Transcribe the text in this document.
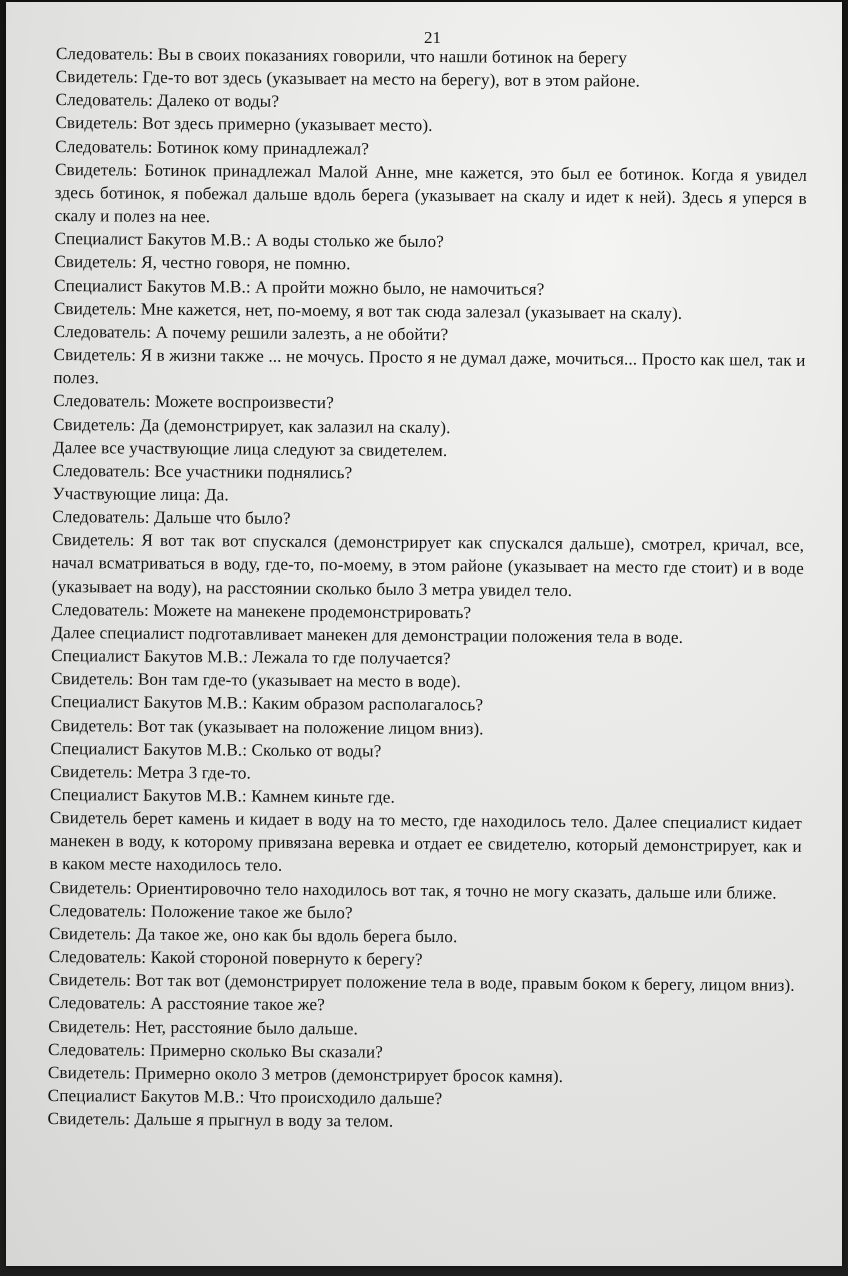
21

Следователь: Вы в своих показаниях говорили, что нашли ботинок на берегу

Свидетель: Где-то вот здесь (указывает на место на берегу), вот в этом районе.

Следователь: Далеко от воды?

Свидетель: Вот здесь примерно (указывает место).

Следователь: Ботинок кому принадлежал?

Свидетель: Ботинок принадлежал Малой Анне, мне кажется, это был ее ботинок. Когда я увидел здесь ботинок, я побежал дальше вдоль берега (указывает на скалу и идет к ней). Здесь я уперся в скалу и полез на нее.

Специалист Бакутов М.В.: А воды столько же было?

Свидетель: Я, честно говоря, не помню.

Специалист Бакутов М.В.: А пройти можно было, не намочиться?

Свидетель: Мне кажется, нет, по-моему, я вот так сюда залезал (указывает на скалу).

Следователь: А почему решили залезть, а не обойти?

Свидетель: Я в жизни также ... не мочусь. Просто я не думал даже, мочиться... Просто как шел, так и полез.

Следователь: Можете воспроизвести?

Свидетель: Да (демонстрирует, как залазил на скалу).

Далее все участвующие лица следуют за свидетелем.

Следователь: Все участники поднялись?

Участвующие лица: Да.

Следователь: Дальше что было?

Свидетель: Я вот так вот спускался (демонстрирует как спускался дальше), смотрел, кричал, все, начал всматриваться в воду, где-то, по-моему, в этом районе (указывает на место где стоит) и в воде (указывает на воду), на расстоянии сколько было 3 метра увидел тело.

Следователь: Можете на манекене продемонстрировать?

Далее специалист подготавливает манекен для демонстрации положения тела в воде.

Специалист Бакутов М.В.: Лежала то где получается?

Свидетель: Вон там где-то (указывает на место в воде).

Специалист Бакутов М.В.: Каким образом располагалось?

Свидетель: Вот так (указывает на положение лицом вниз).

Специалист Бакутов М.В.: Сколько от воды?

Свидетель: Метра 3 где-то.

Специалист Бакутов М.В.: Камнем киньте где.

Свидетель берет камень и кидает в воду на то место, где находилось тело. Далее специалист кидает манекен в воду, к которому привязана веревка и отдает ее свидетелю, который демонстрирует, как и в каком месте находилось тело.

Свидетель: Ориентировочно тело находилось вот так, я точно не могу сказать, дальше или ближе.

Следователь: Положение такое же было?

Свидетель: Да такое же, оно как бы вдоль берега было.

Следователь: Какой стороной повернуто к берегу?

Свидетель: Вот так вот (демонстрирует положение тела в воде, правым боком к берегу, лицом вниз).

Следователь: А расстояние такое же?

Свидетель: Нет, расстояние было дальше.

Следователь: Примерно сколько Вы сказали?

Свидетель: Примерно около 3 метров (демонстрирует бросок камня).

Специалист Бакутов М.В.: Что происходило дальше?

Свидетель: Дальше я прыгнул в воду за телом.
